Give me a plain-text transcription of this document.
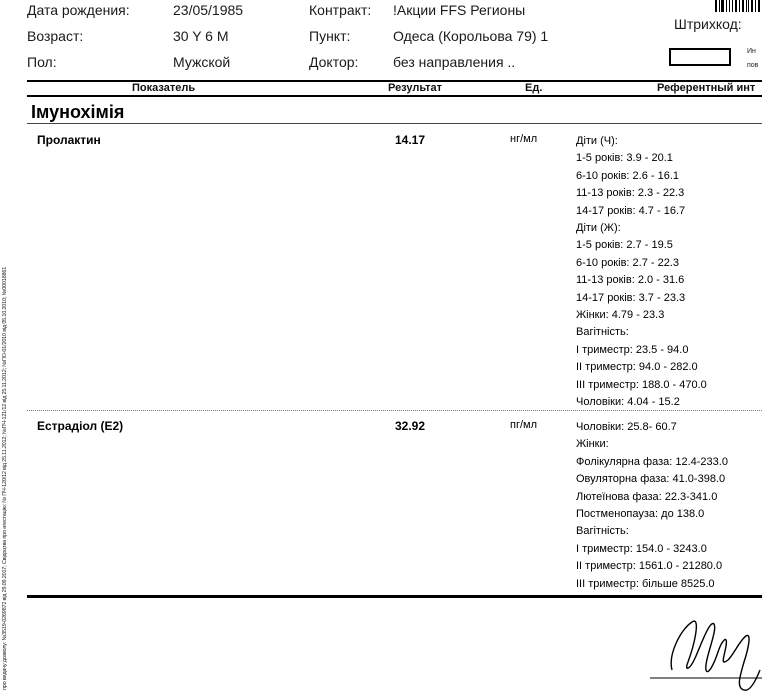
про видачу дозволу: №3519-0269872 від 29.09.2017; Свідоцтва про атестацію: № ПЧ-120/12 від 25.11.2012; №ПЧ-121/12 від 25.11.2012; №ПО-01/2010 від 05.10.2010; №00018861
Дата рождения:	23/05/1985
Возраст:	30 Y 6 M
Пол:	Мужской
Контракт: !Акции FFS Регионы
Пункт:	Одеса (Корольова 79) 1
Доктор: без направления ..
Штрихкод:
Ин
пов
Показатель	Результат	Ед.	Референтный инт
Імунохімія
Пролактин	14.17	нг/мл	Діти (Ч):
1-5 років: 3.9 - 20.1
6-10 років: 2.6 - 16.1
11-13 років: 2.3 - 22.3
14-17 років: 4.7 - 16.7
Діти (Ж):
1-5 років: 2.7 - 19.5
6-10 років: 2.7 - 22.3
11-13 років: 2.0 - 31.6
14-17 років: 3.7 - 23.3
Жінки: 4.79 - 23.3
Вагітність:
І триместр: 23.5 - 94.0
ІІ триместр: 94.0 - 282.0
ІІІ триместр: 188.0 - 470.0
Чоловіки: 4.04 - 15.2
Естрадіол (Е2)	32.92	пг/мл	Чоловіки: 25.8- 60.7
Жінки:
Фолікулярна фаза: 12.4-233.0
Овуляторна фаза: 41.0-398.0
Лютеїнова фаза: 22.3-341.0
Постменопауза: до 138.0
Вагітність:
І триместр: 154.0 - 3243.0
ІІ триместр: 1561.0 - 21280.0
ІІІ триместр: більше 8525.0
